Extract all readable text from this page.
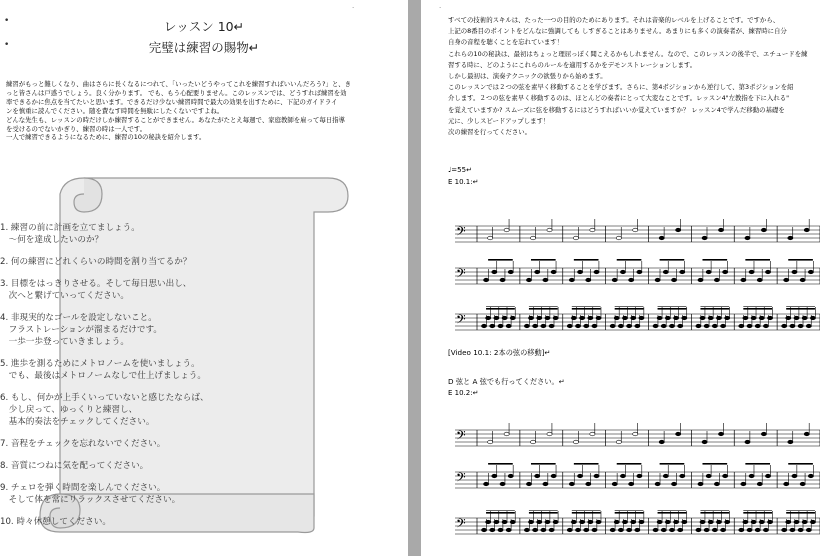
·
•
•
レッスン 10↵
完璧は練習の賜物↵
練習がもっと難しくなり、曲はさらに長くなるにつれて、「いったいどうやってこれを練習すればいいんだろう?」と、き
っと皆さんは戸惑うでしょう。良く分かります。 でも、もう心配要りません。このレッスンでは、どうすれば練習を効
率できるかに焦点を当てたいと思います。できるだけ少ない練習時間で最大の効果を出すために、下記のガイドライ
ンを慎重に読んでください。随を費なす時間を無駄にしたくないですよね。
どんな先生も、レッスンの時だけしか練習することができません。あなたがたとえ毎週で、家庭教師を雇って毎日指導
を受けるのでないかぎり、練習の時は一人です。
一人で練習できるようになるために、練習の10の秘訣を紹介します。
1. 練習の前に計画を立てましょう。
　～何を達成したいのか？
2. 何の練習にどれくらいの時間を割り当てるか？
3. 目標をはっきりさせる。そして毎日思い出し、
　次へと繋げていってください。
4. 非現実的なゴールを設定しないこと。
　フラストレーションが溜まるだけです。
　一歩一歩登っていきましょう。
5. 進歩を測るためにメトロノームを使いましょう。
　でも、最後はメトロノームなしで仕上げましょう。
6. もし、何かが上手くいっていないと感じたならば、
　少し戻って、ゆっくりと練習し、
　基本的奏法をチェックしてください。
7. 音程をチェックを忘れないでください。
8. 音質につねに気を配ってください。
9. チェロを弾く時間を楽しんでください。
　そして体を常にリラックスさせてください。
10. 時々休憩してください。
·
すべての技術的スキルは、たった一つの目的のためにあります。それは音楽的レベルを上げることです。ですから、
上記の8番目のポイントをどんなに強調しても しすぎることはありません。あまりにも多くの演奏者が、練習時に自分
自身の音程を聴くことを忘れています！
これらの10の秘訣は、最初はちょっと理屈っぽく聞こえるかもしれません。なので、このレッスンの後半で、エチュードを練
習する時に、どのようにこれらのルールを適用するかをデモンストレーションします。
しかし最初は、演奏テクニックの欲張りから始めます。
このレッスンでは２つの弦を素早く移動することを学びます。さらに、第4ポジションから逆行して、第3ポジションを紹
介します。２つの弦を素早く移動するのは、ほとんどの奏者にとって大変なことです。レッスン4"左教指を下に入れる"
を覚えていますか? スムーズに弦を移動するにはどうすればいいか覚えていますか？ レッスン4で学んだ移動の基礎を
元に、少しスピードアップします！
次の練習を行ってください。
♩=55↵
E 10.1:↵
[Video 10.1: 2本の弦の移動]↵
D 弦と A 弦でも行ってください。↵
E 10.2:↵
𝄢
𝄢
𝄢
𝄢
𝄢
𝄢
